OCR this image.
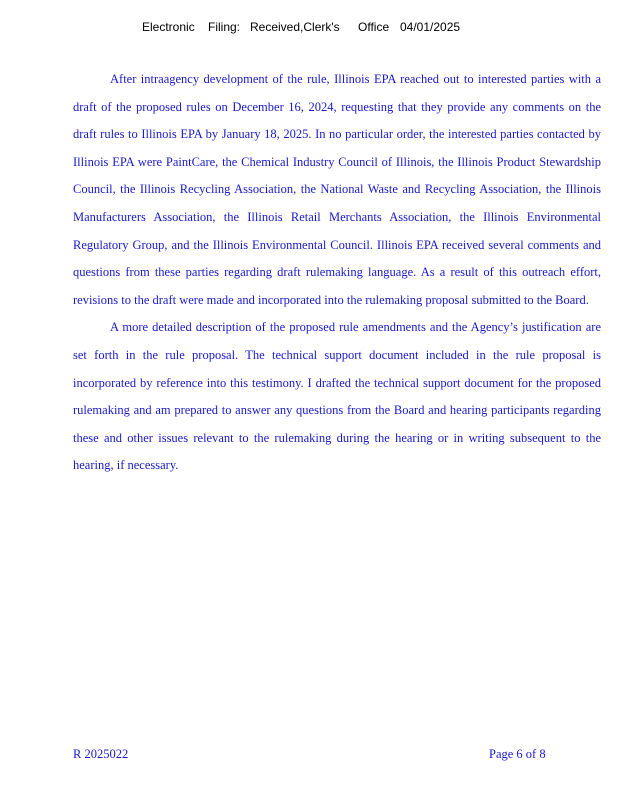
Electronic Filing: Received,Clerk's Office 04/01/2025

After intraagency development of the rule, Illinois EPA reached out to interested parties with a draft of the proposed rules on December 16, 2024, requesting that they provide any comments on the draft rules to Illinois EPA by January 18, 2025. In no particular order, the interested parties contacted by Illinois EPA were PaintCare, the Chemical Industry Council of Illinois, the Illinois Product Stewardship Council, the Illinois Recycling Association, the National Waste and Recycling Association, the Illinois Manufacturers Association, the Illinois Retail Merchants Association, the Illinois Environmental Regulatory Group, and the Illinois Environmental Council. Illinois EPA received several comments and questions from these parties regarding draft rulemaking language. As a result of this outreach effort, revisions to the draft were made and incorporated into the rulemaking proposal submitted to the Board.

A more detailed description of the proposed rule amendments and the Agency’s justification are set forth in the rule proposal. The technical support document included in the rule proposal is incorporated by reference into this testimony. I drafted the technical support document for the proposed rulemaking and am prepared to answer any questions from the Board and hearing participants regarding these and other issues relevant to the rulemaking during the hearing or in writing subsequent to the hearing, if necessary.

R 2025022	Page 6 of 8
